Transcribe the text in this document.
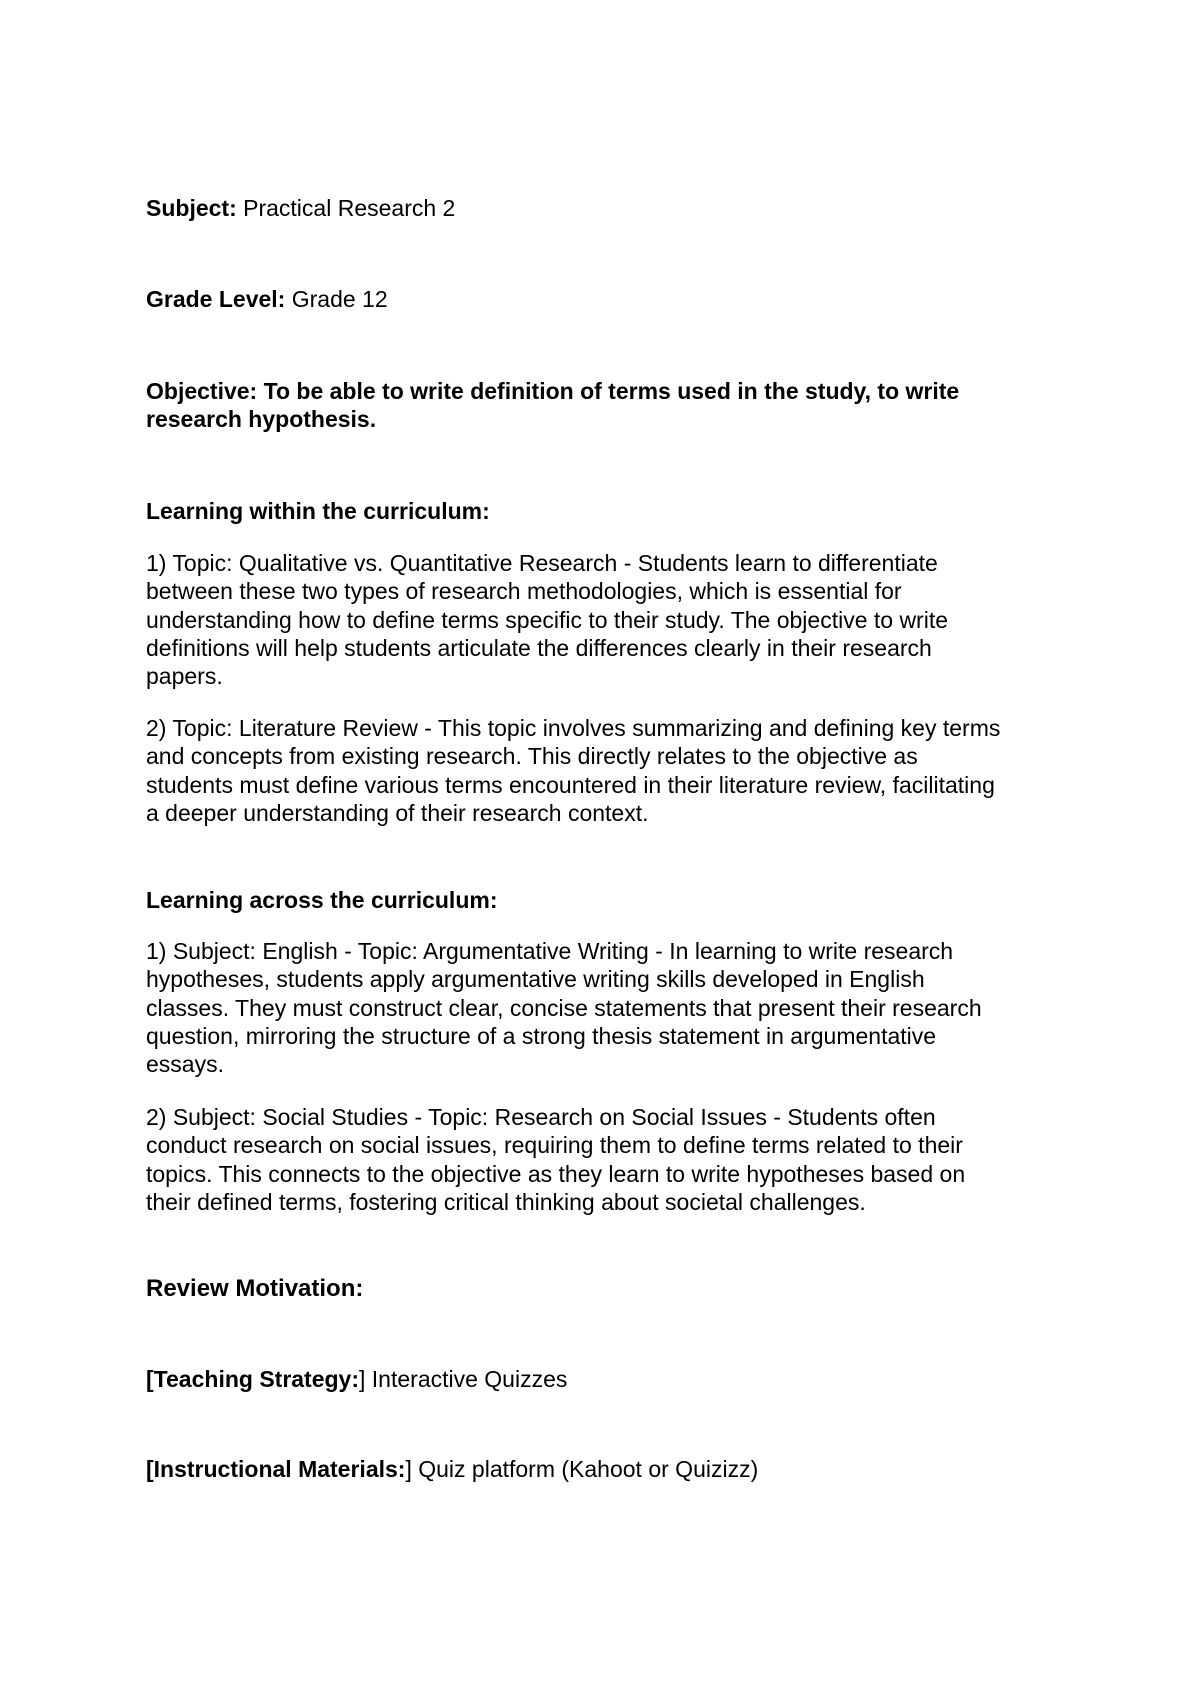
Subject: Practical Research 2
Grade Level: Grade 12
Objective: To be able to write definition of terms used in the study, to write
research hypothesis.
Learning within the curriculum:
1) Topic: Qualitative vs. Quantitative Research - Students learn to differentiate
between these two types of research methodologies, which is essential for
understanding how to define terms specific to their study. The objective to write
definitions will help students articulate the differences clearly in their research
papers.
2) Topic: Literature Review - This topic involves summarizing and defining key terms
and concepts from existing research. This directly relates to the objective as
students must define various terms encountered in their literature review, facilitating
a deeper understanding of their research context.
Learning across the curriculum:
1) Subject: English - Topic: Argumentative Writing - In learning to write research
hypotheses, students apply argumentative writing skills developed in English
classes. They must construct clear, concise statements that present their research
question, mirroring the structure of a strong thesis statement in argumentative
essays.
2) Subject: Social Studies - Topic: Research on Social Issues - Students often
conduct research on social issues, requiring them to define terms related to their
topics. This connects to the objective as they learn to write hypotheses based on
their defined terms, fostering critical thinking about societal challenges.
Review Motivation:
[Teaching Strategy:] Interactive Quizzes
[Instructional Materials:] Quiz platform (Kahoot or Quizizz)
